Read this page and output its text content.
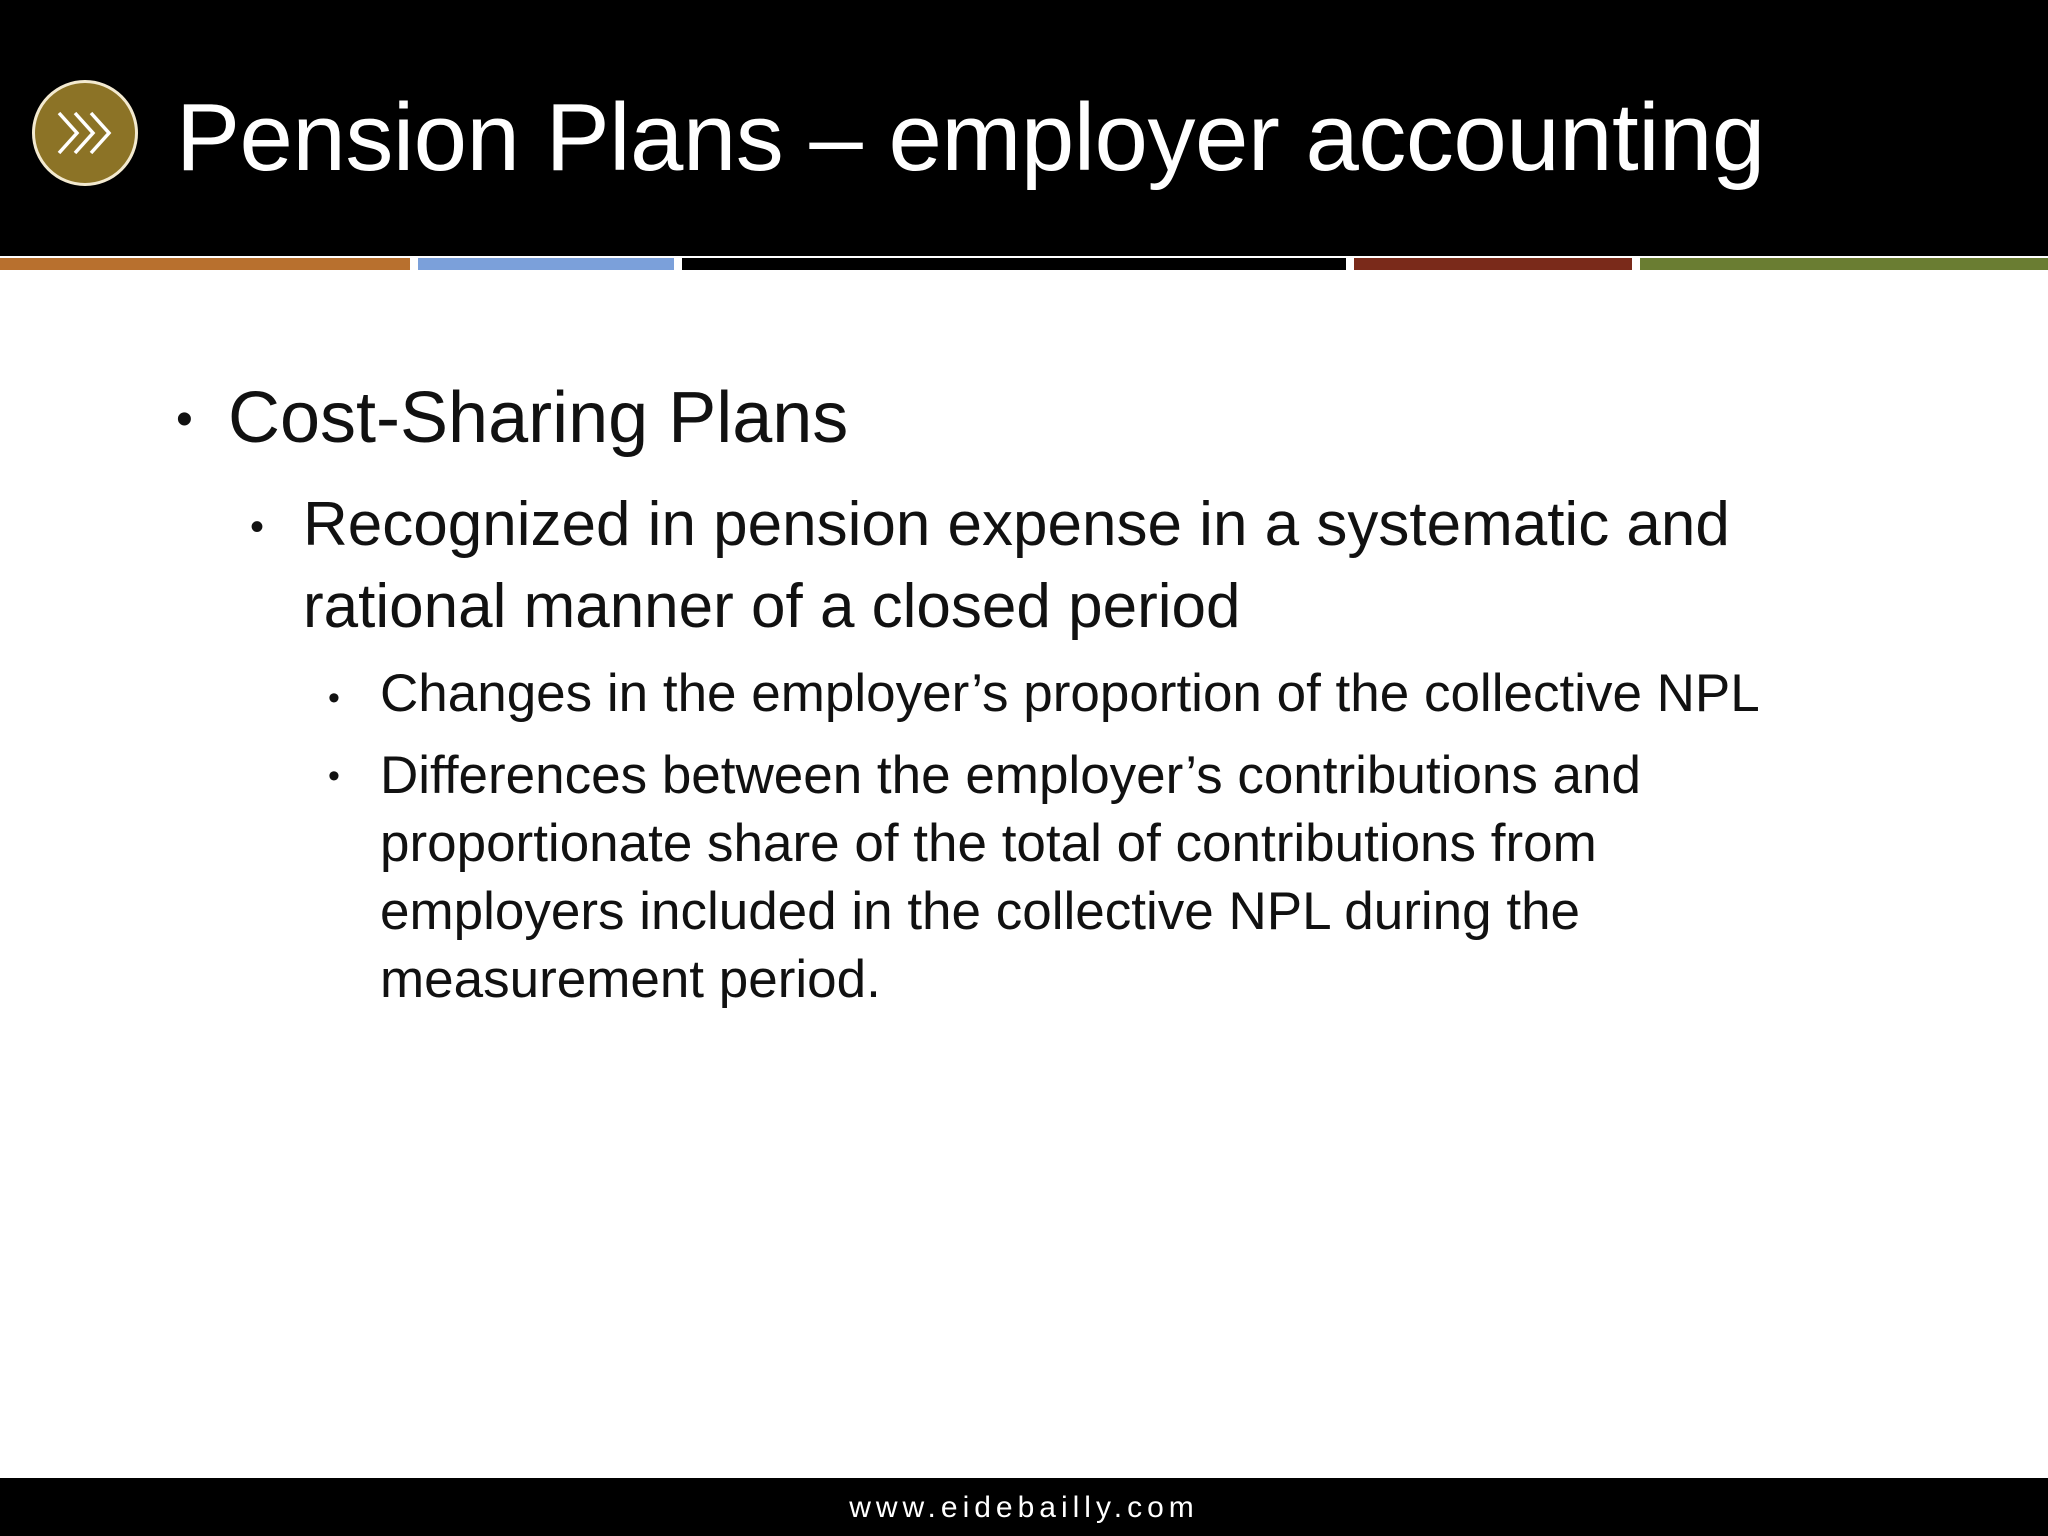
Pension Plans – employer accounting
• Cost-Sharing Plans
• Recognized in pension expense in a systematic and
rational manner of a closed period
• Changes in the employer’s proportion of the collective NPL
• Differences between the employer’s contributions and
proportionate share of the total of contributions from
employers included in the collective NPL during the
measurement period.
www.eidebailly.com
